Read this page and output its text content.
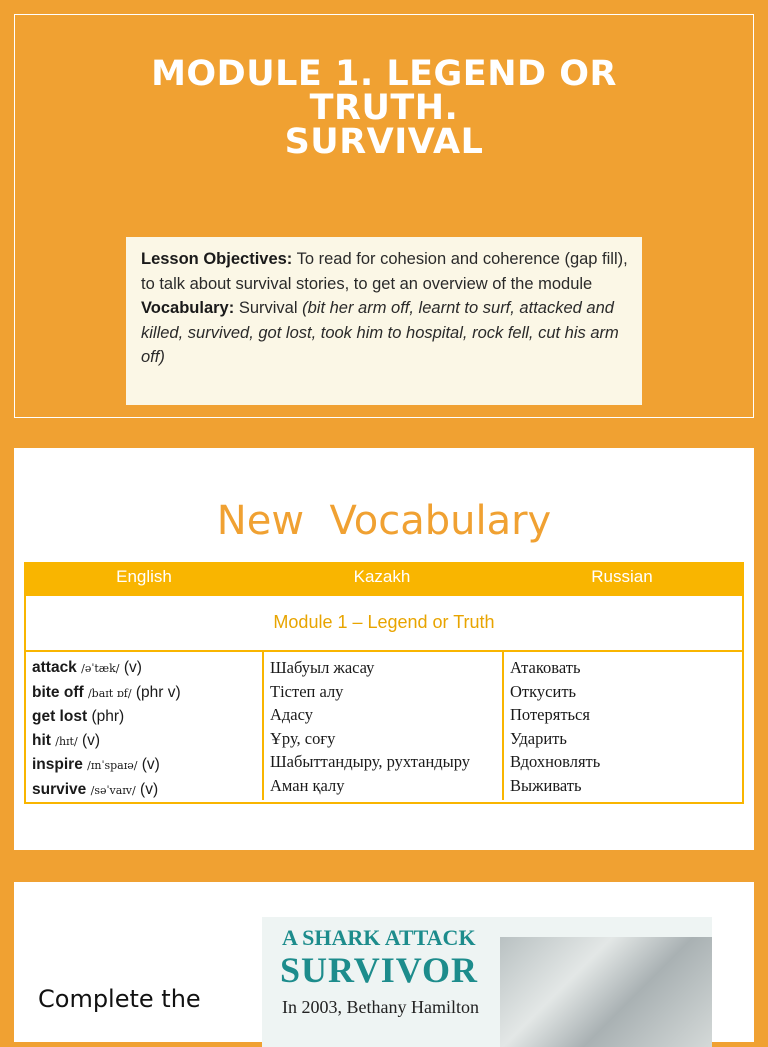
MODULE 1. LEGEND OR
TRUTH.
SURVIVAL
Lesson Objectives: To read for cohesion and coherence (gap fill), to talk about survival stories, to get an overview of the module
Vocabulary: Survival (bit her arm off, learnt to surf, attacked and killed, survived, got lost, took him to hospital, rock fell, cut his arm off)
New  Vocabulary
English	Kazakh	Russian
Module 1 – Legend or Truth
attack /əˈtæk/ (v)
bite off /baɪt ɒf/ (phr v)
get lost (phr)
hit /hɪt/ (v)
inspire /ɪnˈspaɪə/ (v)
survive /səˈvaɪv/ (v)
Шабуыл жасау
Тістеп алу
Адасу
Ұру, соғу
Шабыттандыру, рухтандыру
Аман қалу
Атаковать
Откусить
Потеряться
Ударить
Вдохновлять
Выживать
Complete the
A SHARK ATTACK
SURVIVOR
In 2003, Bethany Hamilton
